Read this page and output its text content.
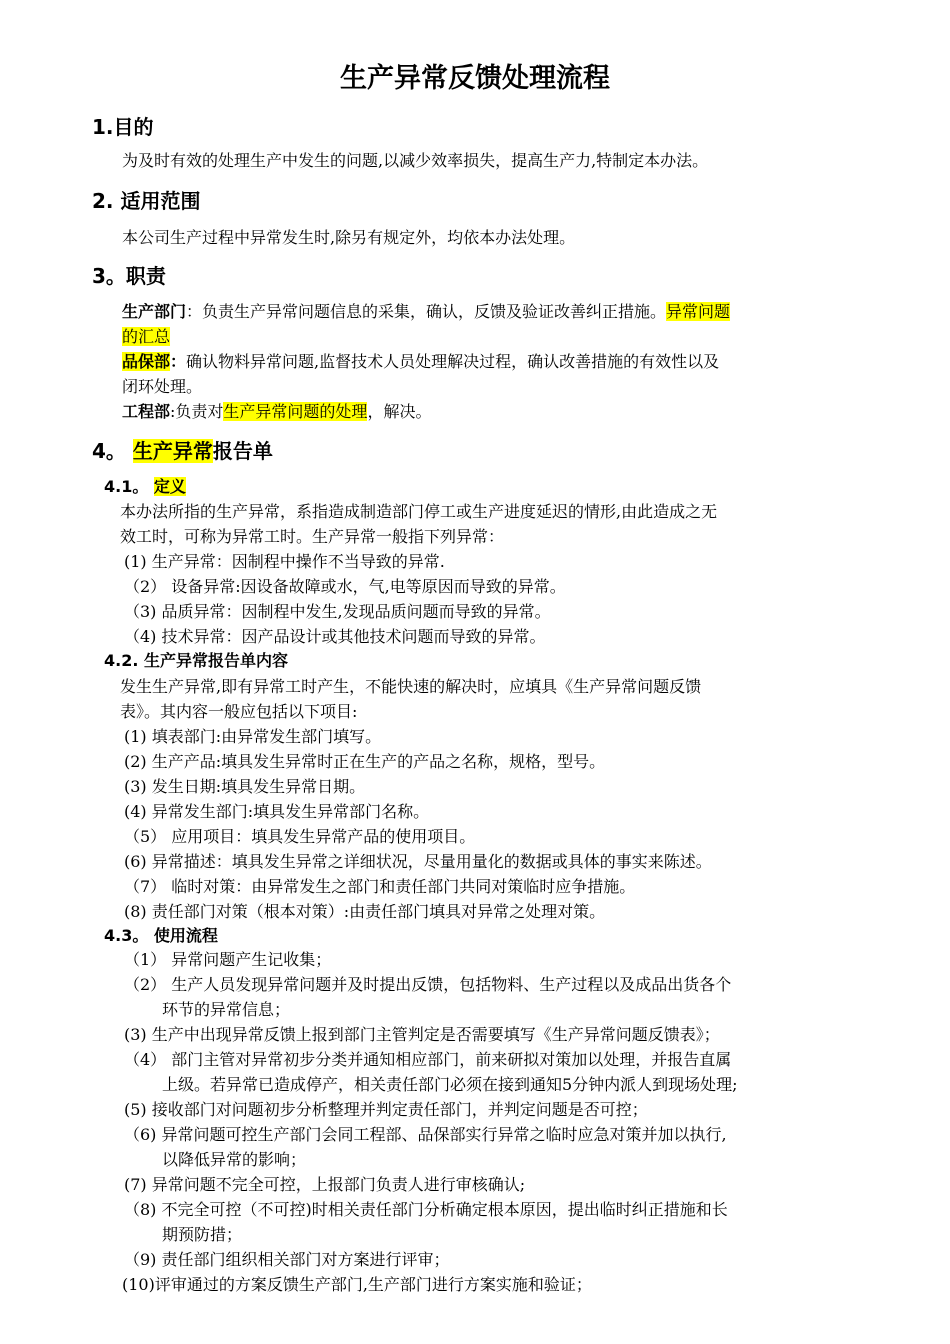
生产异常反馈处理流程
1.目的
为及时有效的处理生产中发生的问题,以减少效率损失，提高生产力,特制定本办法。
2. 适用范围
本公司生产过程中异常发生时,除另有规定外，均依本办法处理。
3。职责
生产部门：负责生产异常问题信息的采集，确认，反馈及验证改善纠正措施。异常问题
的汇总
品保部：确认物料异常问题,监督技术人员处理解决过程，确认改善措施的有效性以及
闭环处理。
工程部:负责对生产异常问题的处理，解决。
4。 生产异常报告单
4.1。 定义
本办法所指的生产异常，系指造成制造部门停工或生产进度延迟的情形,由此造成之无
效工时，可称为异常工时。生产异常一般指下列异常：
(1) 生产异常：因制程中操作不当导致的异常.
（2） 设备异常:因设备故障或水，气,电等原因而导致的异常。
（3) 品质异常：因制程中发生,发现品质问题而导致的异常。
（4) 技术异常：因产品设计或其他技术问题而导致的异常。
4.2. 生产异常报告单内容
发生生产异常,即有异常工时产生，不能快速的解决时，应填具《生产异常问题反馈
表》。其内容一般应包括以下项目:
(1) 填表部门:由异常发生部门填写。
(2) 生产产品:填具发生异常时正在生产的产品之名称，规格，型号。
(3) 发生日期:填具发生异常日期。
(4) 异常发生部门:填具发生异常部门名称。
（5） 应用项目：填具发生异常产品的使用项目。
(6) 异常描述：填具发生异常之详细状况，尽量用量化的数据或具体的事实来陈述。
（7） 临时对策：由异常发生之部门和责任部门共同对策临时应争措施。
(8) 责任部门对策（根本对策）:由责任部门填具对异常之处理对策。
4.3。 使用流程
（1） 异常问题产生记收集；
（2） 生产人员发现异常问题并及时提出反馈，包括物料、生产过程以及成品出货各个
环节的异常信息；
(3) 生产中出现异常反馈上报到部门主管判定是否需要填写《生产异常问题反馈表》；
（4） 部门主管对异常初步分类并通知相应部门，前来研拟对策加以处理，并报告直属
上级。若异常已造成停产，相关责任部门必须在接到通知5分钟内派人到现场处理;
(5) 接收部门对问题初步分析整理并判定责任部门，并判定问题是否可控；
（6) 异常问题可控生产部门会同工程部、品保部实行异常之临时应急对策并加以执行,
以降低异常的影响；
(7) 异常问题不完全可控，上报部门负责人进行审核确认;
（8) 不完全可控（不可控)时相关责任部门分析确定根本原因，提出临时纠正措施和长
期预防措；
（9) 责任部门组织相关部门对方案进行评审；
(10)评审通过的方案反馈生产部门,生产部门进行方案实施和验证；
